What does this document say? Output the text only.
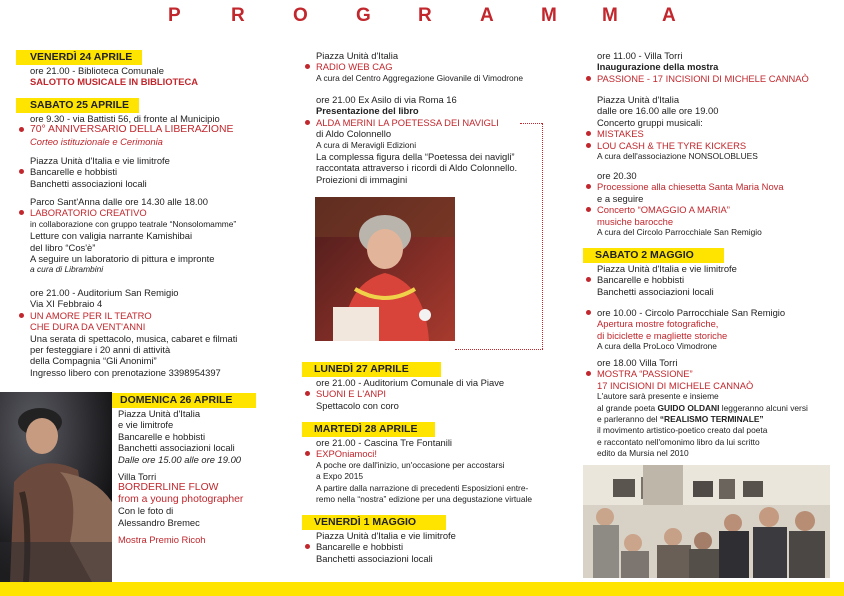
P	R	O	G R	A M M A
VENERDÌ 24 APRILE
ore 21.00 - Biblioteca Comunale
SALOTTO MUSICALE IN BIBLIOTECA
SABATO 25 APRILE
ore 9.30 - via Battisti 56, di fronte al Municipio
70° ANNIVERSARIO DELLA LIBERAZIONE
Corteo istituzionale e Cerimonia
Piazza Unità d'Italia e vie limitrofe
Bancarelle e hobbisti
Banchetti associazioni locali
Parco Sant'Anna dalle ore 14.30 alle 18.00
LABORATORIO CREATIVO
in collaborazione con gruppo teatrale “Nonsolomamme”
Letture con valigia narrante Kamishibai
del libro “Cos'è”
A seguire un laboratorio di pittura e impronte
a cura di Librambini
ore 21.00 - Auditorium San Remigio
Via XI Febbraio 4
UN AMORE PER IL TEATRO
CHE DURA DA VENT'ANNI
Una serata di spettacolo, musica, cabaret e filmati
per festeggiare i 20 anni di attività
della Compagnia “Gli Anonimi”
Ingresso libero con prenotazione 3398954397
DOMENICA 26 APRILE
Piazza Unità d'Italia
e vie limitrofe
Bancarelle e hobbisti
Banchetti associazioni locali
Dalle ore 15.00 alle ore 19.00
Villa Torri
BORDERLINE FLOW
from a young photographer
Con le foto di
Alessandro Bremec
Mostra Premio Ricoh
Piazza Unità d'Italia
RADIO WEB CAG
A cura del Centro Aggregazione Giovanile di Vimodrone
ore 21.00 Ex Asilo di via Roma 16
Presentazione del libro
ALDA MERINI LA POETESSA DEI NAVIGLI
di Aldo Colonnello
A cura di Meravigli Edizioni
La complessa figura della “Poetessa dei navigli”
raccontata attraverso i ricordi di Aldo Colonnello.
Proiezioni di immagini
LUNEDÌ 27 APRILE
ore 21.00 - Auditorium Comunale di via Piave
SUONI E L'ANPI
Spettacolo con coro
MARTEDÌ 28 APRILE
ore 21.00 - Cascina Tre Fontanili
EXPOniamoci!
A poche ore dall'inizio, un'occasione per accostarsi
a Expo 2015
A partire dalla narrazione di precedenti Esposizioni entre-
remo nella “nostra” edizione per una degustazione virtuale
VENERDÌ 1 MAGGIO
Piazza Unità d'Italia e vie limitrofe
Bancarelle e hobbisti
Banchetti associazioni locali
ore 11.00 - Villa Torri
Inaugurazione della mostra
PASSIONE - 17 INCISIONI DI MICHELE CANNAÒ
Piazza Unità d'Italia
dalle ore 16.00 alle ore 19.00
Concerto gruppi musicali:
MISTAKES
LOU CASH & THE TYRE KICKERS
A cura dell'associazione NONSOLOBLUES
ore 20.30
Processione alla chiesetta Santa Maria Nova
e a seguire
Concerto “OMAGGIO A MARIA”
musiche barocche
A cura del Circolo Parrocchiale San Remigio
SABATO 2 MAGGIO
Piazza Unità d'Italia e vie limitrofe
Bancarelle e hobbisti
Banchetti associazioni locali
ore 10.00 - Circolo Parrocchiale San Remigio
Apertura mostre fotografiche,
di biciclette e magliette storiche
A cura della ProLoco Vimodrone
ore 18.00 Villa Torri
MOSTRA “PASSIONE”
17 INCISIONI DI MICHELE CANNAÒ
L'autore sarà presente e insieme
al grande poeta GUIDO OLDANI leggeranno alcuni versi
e parleranno del “REALISMO TERMINALE”
il movimento artistico-poetico creato dal poeta
e raccontato nell'omonimo libro da lui scritto
edito da Mursia nel 2010
